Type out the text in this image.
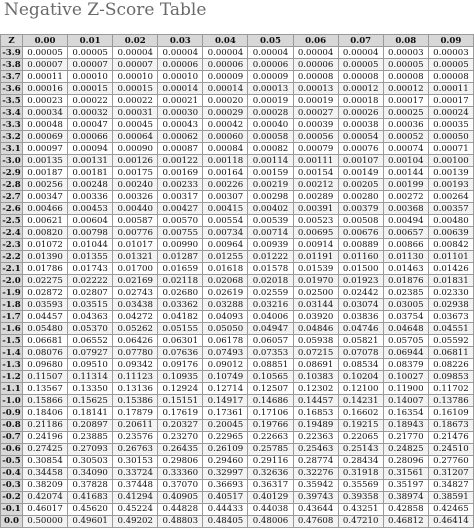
Negative Z-Score Table
Z	0.00	0.01	0.02	0.03	0.04	0.05	0.06	0.07	0.08	0.09
-3.9	0.00005	0.00005	0.00004	0.00004	0.00004	0.00004	0.00004	0.00004	0.00003	0.00003
-3.8	0.00007	0.00007	0.00007	0.00006	0.00006	0.00006	0.00006	0.00005	0.00005	0.00005
-3.7	0.00011	0.00010	0.00010	0.00010	0.00009	0.00009	0.00008	0.00008	0.00008	0.00008
-3.6	0.00016	0.00015	0.00015	0.00014	0.00014	0.00013	0.00013	0.00012	0.00012	0.00011
-3.5	0.00023	0.00022	0.00022	0.00021	0.00020	0.00019	0.00019	0.00018	0.00017	0.00017
-3.4	0.00034	0.00032	0.00031	0.00030	0.00029	0.00028	0.00027	0.00026	0.00025	0.00024
-3.3	0.00048	0.00047	0.00045	0.00043	0.00042	0.00040	0.00039	0.00038	0.00036	0.00035
-3.2	0.00069	0.00066	0.00064	0.00062	0.00060	0.00058	0.00056	0.00054	0.00052	0.00050
-3.1	0.00097	0.00094	0.00090	0.00087	0.00084	0.00082	0.00079	0.00076	0.00074	0.00071
-3.0	0.00135	0.00131	0.00126	0.00122	0.00118	0.00114	0.00111	0.00107	0.00104	0.00100
-2.9	0.00187	0.00181	0.00175	0.00169	0.00164	0.00159	0.00154	0.00149	0.00144	0.00139
-2.8	0.00256	0.00248	0.00240	0.00233	0.00226	0.00219	0.00212	0.00205	0.00199	0.00193
-2.7	0.00347	0.00336	0.00326	0.00317	0.00307	0.00298	0.00289	0.00280	0.00272	0.00264
-2.6	0.00466	0.00453	0.00440	0.00427	0.00415	0.00402	0.00391	0.00379	0.00368	0.00357
-2.5	0.00621	0.00604	0.00587	0.00570	0.00554	0.00539	0.00523	0.00508	0.00494	0.00480
-2.4	0.00820	0.00798	0.00776	0.00755	0.00734	0.00714	0.00695	0.00676	0.00657	0.00639
-2.3	0.01072	0.01044	0.01017	0.00990	0.00964	0.00939	0.00914	0.00889	0.00866	0.00842
-2.2	0.01390	0.01355	0.01321	0.01287	0.01255	0.01222	0.01191	0.01160	0.01130	0.01101
-2.1	0.01786	0.01743	0.01700	0.01659	0.01618	0.01578	0.01539	0.01500	0.01463	0.01426
-2.0	0.02275	0.02222	0.02169	0.02118	0.02068	0.02018	0.01970	0.01923	0.01876	0.01831
-1.9	0.02872	0.02807	0.02743	0.02680	0.02619	0.02559	0.02500	0.02442	0.02385	0.02330
-1.8	0.03593	0.03515	0.03438	0.03362	0.03288	0.03216	0.03144	0.03074	0.03005	0.02938
-1.7	0.04457	0.04363	0.04272	0.04182	0.04093	0.04006	0.03920	0.03836	0.03754	0.03673
-1.6	0.05480	0.05370	0.05262	0.05155	0.05050	0.04947	0.04846	0.04746	0.04648	0.04551
-1.5	0.06681	0.06552	0.06426	0.06301	0.06178	0.06057	0.05938	0.05821	0.05705	0.05592
-1.4	0.08076	0.07927	0.07780	0.07636	0.07493	0.07353	0.07215	0.07078	0.06944	0.06811
-1.3	0.09680	0.09510	0.09342	0.09176	0.09012	0.08851	0.08691	0.08534	0.08379	0.08226
-1.2	0.11507	0.11314	0.11123	0.10935	0.10749	0.10565	0.10383	0.10204	0.10027	0.09853
-1.1	0.13567	0.13350	0.13136	0.12924	0.12714	0.12507	0.12302	0.12100	0.11900	0.11702
-1.0	0.15866	0.15625	0.15386	0.15151	0.14917	0.14686	0.14457	0.14231	0.14007	0.13786
-0.9	0.18406	0.18141	0.17879	0.17619	0.17361	0.17106	0.16853	0.16602	0.16354	0.16109
-0.8	0.21186	0.20897	0.20611	0.20327	0.20045	0.19766	0.19489	0.19215	0.18943	0.18673
-0.7	0.24196	0.23885	0.23576	0.23270	0.22965	0.22663	0.22363	0.22065	0.21770	0.21476
-0.6	0.27425	0.27093	0.26763	0.26435	0.26109	0.25785	0.25463	0.25143	0.24825	0.24510
-0.5	0.30854	0.30503	0.30153	0.29806	0.29460	0.29116	0.28774	0.28434	0.28096	0.27760
-0.4	0.34458	0.34090	0.33724	0.33360	0.32997	0.32636	0.32276	0.31918	0.31561	0.31207
-0.3	0.38209	0.37828	0.37448	0.37070	0.36693	0.36317	0.35942	0.35569	0.35197	0.34827
-0.2	0.42074	0.41683	0.41294	0.40905	0.40517	0.40129	0.39743	0.39358	0.38974	0.38591
-0.1	0.46017	0.45620	0.45224	0.44828	0.44433	0.44038	0.43644	0.43251	0.42858	0.42465
0.0	0.50000	0.49601	0.49202	0.48803	0.48405	0.48006	0.47608	0.47210	0.46812	0.46414
